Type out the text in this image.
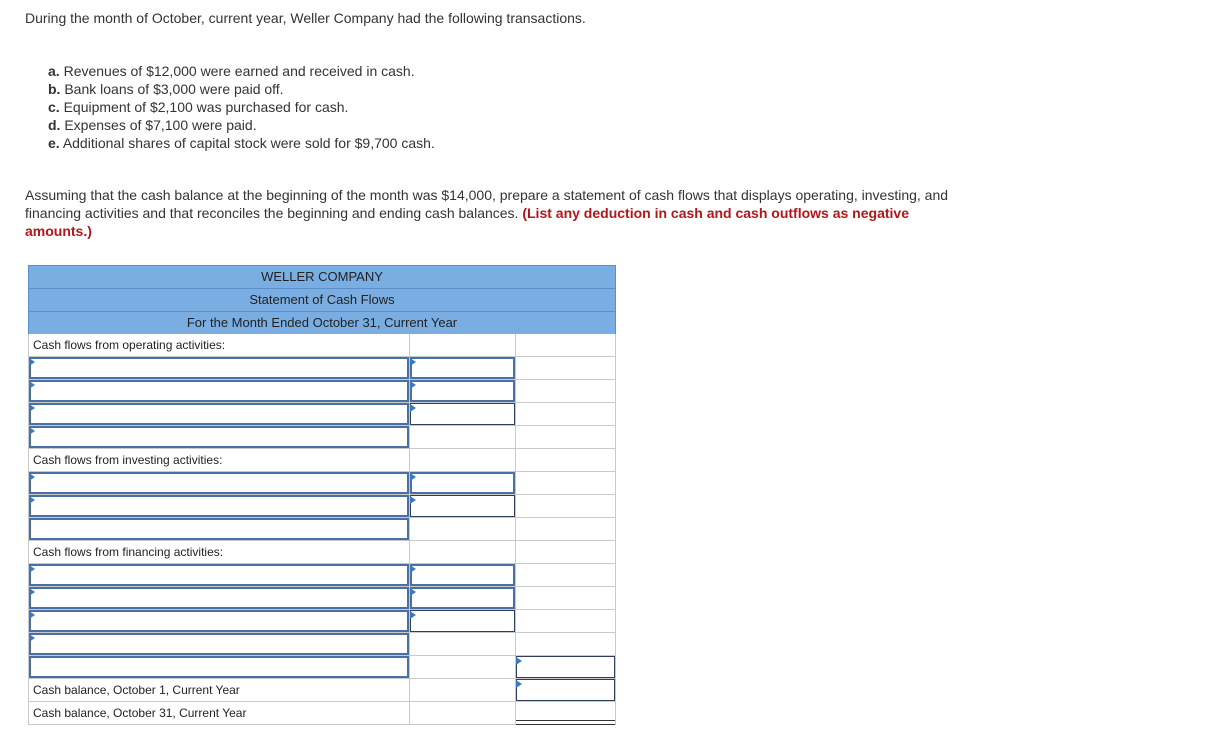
During the month of October, current year, Weller Company had the following transactions.
a. Revenues of $12,000 were earned and received in cash.
b. Bank loans of $3,000 were paid off.
c. Equipment of $2,100 was purchased for cash.
d. Expenses of $7,100 were paid.
e. Additional shares of capital stock were sold for $9,700 cash.
Assuming that the cash balance at the beginning of the month was $14,000, prepare a statement of cash flows that displays operating, investing, and financing activities and that reconciles the beginning and ending cash balances. (List any deduction in cash and cash outflows as negative amounts.)
WELLER COMPANY
Statement of Cash Flows
For the Month Ended October 31, Current Year
Cash flows from operating activities:
Cash flows from investing activities:
Cash flows from financing activities:
Cash balance, October 1, Current Year
Cash balance, October 31, Current Year
